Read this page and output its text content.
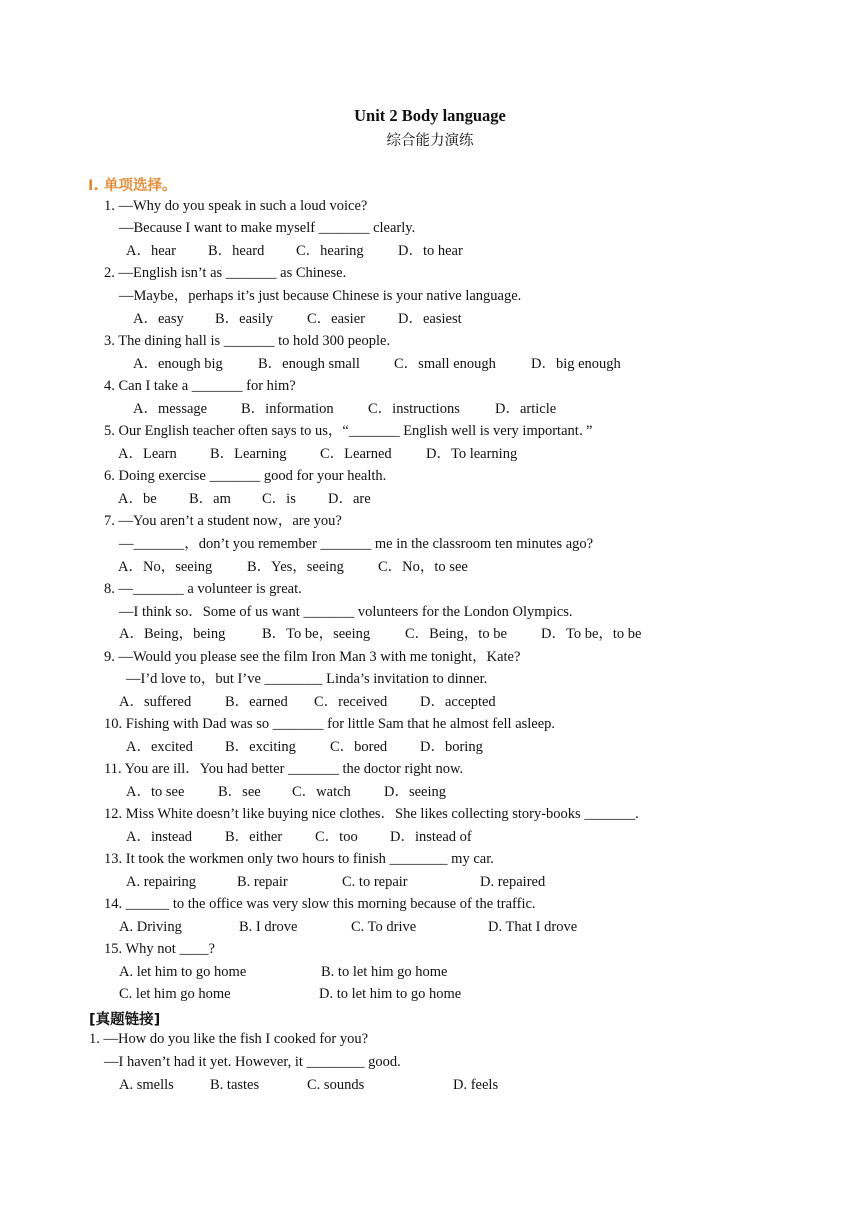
Unit 2 Body language
综合能力演练
I. 单项选择。
1. —Why do you speak in such a loud voice?
—Because I want to make myself _______ clearly.
A．hear B．heard C．hearing D．to hear
2. —English isn’t as _______ as Chinese.
—Maybe，perhaps it’s just because Chinese is your native language.
A．easy B．easily C．easier D．easiest
3. The dining hall is _______ to hold 300 people.
A．enough big B．enough small C．small enough D．big enough
4. Can I take a _______ for him?
A．message B．information C．instructions D．article
5. Our English teacher often says to us，“_______ English well is very important．”
A．Learn B．Learning C．Learned D．To learning
6. Doing exercise _______ good for your health.
A．be B．am C．is D．are
7. —You aren’t a student now，are you?
—_______，don’t you remember _______ me in the classroom ten minutes ago?
A．No，seeing B．Yes，seeing C．No，to see
8. —_______ a volunteer is great.
—I think so．Some of us want _______ volunteers for the London Olympics.
A．Being，being	B．To be，seeing C．Being，to be D．To be，to be
9. —Would you please see the film Iron Man 3 with me tonight，Kate?
—I’d love to，but I’ve ________ Linda’s invitation to dinner.
A．suffered B．earned C．received D．accepted
10. Fishing with Dad was so _______ for little Sam that he almost fell asleep.
A．excited B．exciting C．bored D．boring
11. You are ill．You had better _______ the doctor right now.
A．to see B．see C．watch D．seeing
12. Miss White doesn’t like buying nice clothes．She likes collecting story-books _______.
A．instead B．either C．too D．instead of
13. It took the workmen only two hours to finish ________ my car.
A. repairing	B. repair	C. to repair	D. repaired
14. ______ to the office was very slow this morning because of the traffic.
A. Driving	B. I drove	C. To drive	D. That I drove
15. Why not ____?
A. let him to go home	B. to let him go home
C. let him go home	D. to let him to go home
[真题链接]
1. —How do you like the fish I cooked for you?
—I haven’t had it yet. However, it ________ good.
A. smells B. tastes	C. sounds	D. feels
